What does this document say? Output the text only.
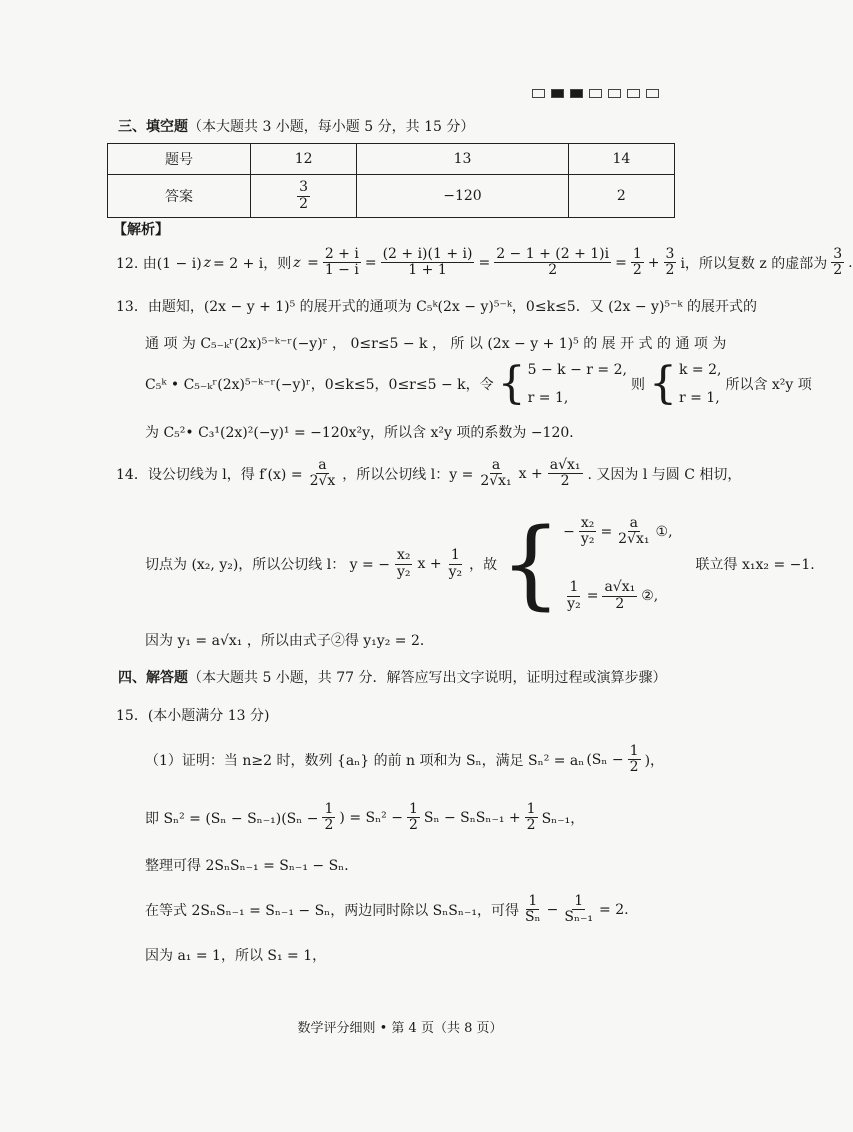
三、填空题（本大题共 3 小题，每小题 5 分，共 15 分）
题号	12	13	14
答案	$\frac{3}{2}$	−120	2
【解析】
12. 由(1 − i) z = 2 + i，则 $z = \frac{2 + i}{1 - i} = \frac{(2 + i)(1 + i)}{1 + 1} = \frac{2 - 1 + (2 + 1)i}{2} = \frac{1}{2} + \frac{3}{2}$ i，所以复数 z 的虚部为 $\frac{3}{2}$ .
13．由题知，(2x − y + 1)⁵ 的展开式的通项为 C₅ᵏ(2x − y)⁵⁻ᵏ，0≤k≤5．又 (2x − y)⁵⁻ᵏ 的展开式的
通 项 为 C₅₋ₖʳ(2x)⁵⁻ᵏ⁻ʳ(−y)ʳ ， 0≤r≤5 − k ， 所 以 (2x − y + 1)⁵ 的 展 开 式 的 通 项 为
C₅ᵏ • C₅₋ₖʳ(2x)⁵⁻ᵏ⁻ʳ(−y)ʳ，0≤k≤5，0≤r≤5 − k，令 { 5 − k − r = 2,
r = 1,
则 { k = 2,
r = 1,
所以含 x²y 项
为 C₅²• C₃¹(2x)²(−y)¹ = −120x²y，所以含 x²y 项的系数为 −120．
14．设公切线为 l，得 $f'(x) = \frac{a}{2√x}$ ，所以公切线 l：$y = \frac{a}{\text{2√x₁}}$ $x + \frac{\text{a√x₁}}{2}$ . 又因为 l 与圆 C 相切，
切点为 (x₂, y₂)，所以公切线 l： y = − $\frac{\text{x₂}}{\text{y₂}}$ $x + \frac{1}{\text{y₂}}$ ，故 { − $\frac{\text{x₂}}{\text{y₂}} = \frac{a}{\text{2√x₁}}$ ①,
$\frac{1}{\text{y₂}} = \frac{\text{a√x₁}}{2}$ ②,
联立得 x₁x₂ = −1.
因为 y₁ = a√x₁ ，所以由式子②得 y₁y₂ = 2．
四、解答题（本大题共 5 小题，共 77 分．解答应写出文字说明，证明过程或演算步骤）
15．(本小题满分 13 分)
（1）证明：当 n≥2 时，数列 {aₙ} 的前 n 项和为 Sₙ，满足 Sₙ² = aₙ ($S_n - \frac{1}{2}$ )，
即 $S_n^2 = (S_n - S_{n-1})(S_n - \frac{1}{2}$ ) = $S_n^2 - \frac{1}{2}$ $S_n - S_nS_{n-1} + \frac{1}{2} S_{n-1}$，
整理可得 2SₙSₙ₋₁ = Sₙ₋₁ − Sₙ．
在等式 2SₙSₙ₋₁ = Sₙ₋₁ − Sₙ，两边同时除以 SₙSₙ₋₁，可得 $\frac{1}{\text{Sₙ}} - \frac{1}{\text{Sₙ₋₁}} = 2$.
因为 a₁ = 1，所以 S₁ = 1，
数学评分细则 • 第 4 页（共 8 页）
